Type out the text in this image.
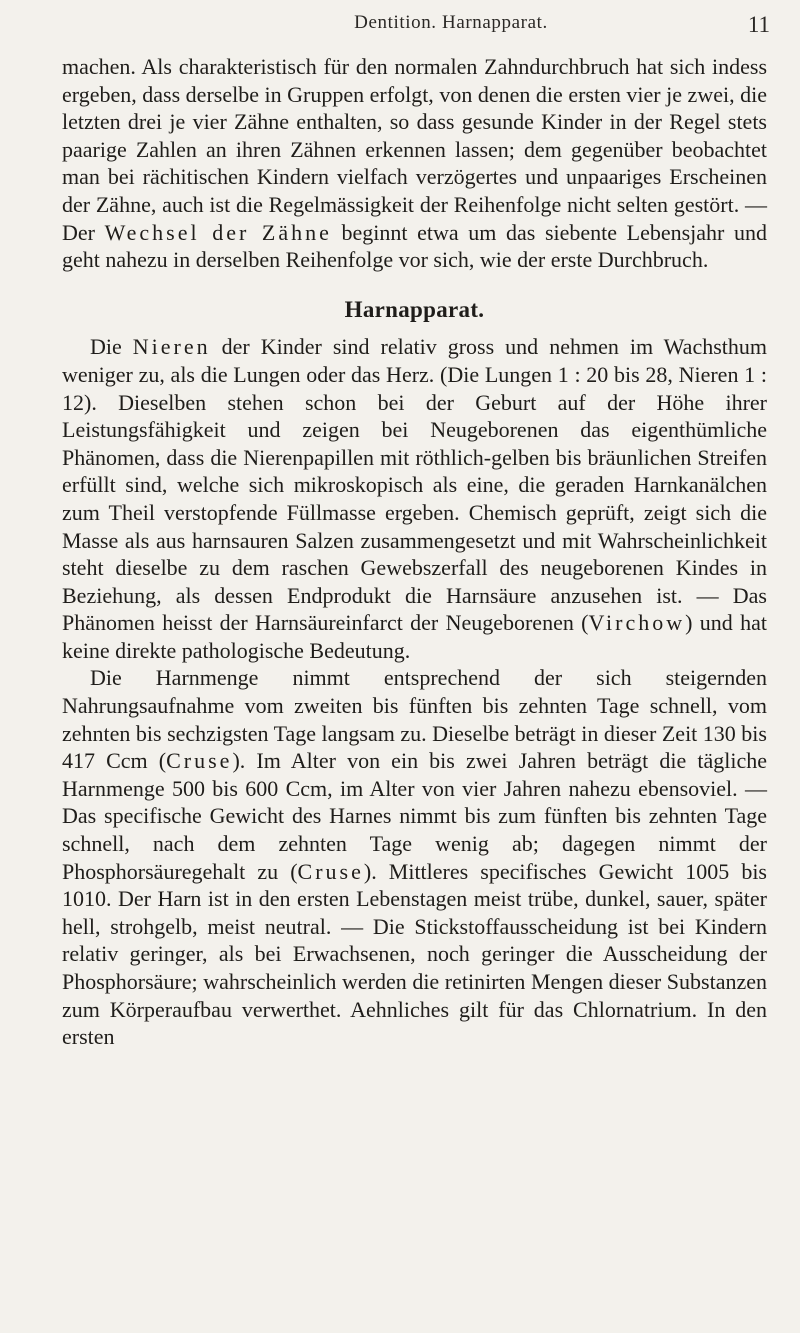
Dentition. Harnapparat.	11

machen. Als charakteristisch für den normalen Zahndurchbruch hat sich indess ergeben, dass derselbe in Gruppen erfolgt, von denen die ersten vier je zwei, die letzten drei je vier Zähne enthalten, so dass gesunde Kinder in der Regel stets paarige Zahlen an ihren Zähnen erkennen lassen; dem gegenüber beobachtet man bei rächitischen Kindern vielfach verzögertes und unpaariges Erscheinen der Zähne, auch ist die Regelmässigkeit der Reihenfolge nicht selten gestört. — Der Wechsel der Zähne beginnt etwa um das siebente Lebensjahr und geht nahezu in derselben Reihenfolge vor sich, wie der erste Durchbruch.

Harnapparat.

Die Nieren der Kinder sind relativ gross und nehmen im Wachsthum weniger zu, als die Lungen oder das Herz. (Die Lungen 1 : 20 bis 28, Nieren 1 : 12). Dieselben stehen schon bei der Geburt auf der Höhe ihrer Leistungsfähigkeit und zeigen bei Neugeborenen das eigenthümliche Phänomen, dass die Nierenpapillen mit röthlich-gelben bis bräunlichen Streifen erfüllt sind, welche sich mikroskopisch als eine, die geraden Harnkanälchen zum Theil verstopfende Füllmasse ergeben. Chemisch geprüft, zeigt sich die Masse als aus harnsauren Salzen zusammengesetzt und mit Wahrscheinlichkeit steht dieselbe zu dem raschen Gewebszerfall des neugeborenen Kindes in Beziehung, als dessen Endprodukt die Harnsäure anzusehen ist. — Das Phänomen heisst der Harnsäureinfarct der Neugeborenen (Virchow) und hat keine direkte pathologische Bedeutung.

Die Harnmenge nimmt entsprechend der sich steigernden Nahrungsaufnahme vom zweiten bis fünften bis zehnten Tage schnell, vom zehnten bis sechzigsten Tage langsam zu. Dieselbe beträgt in dieser Zeit 130 bis 417 Ccm (Cruse). Im Alter von ein bis zwei Jahren beträgt die tägliche Harnmenge 500 bis 600 Ccm, im Alter von vier Jahren nahezu ebensoviel. — Das specifische Gewicht des Harnes nimmt bis zum fünften bis zehnten Tage schnell, nach dem zehnten Tage wenig ab; dagegen nimmt der Phosphorsäuregehalt zu (Cruse). Mittleres specifisches Gewicht 1005 bis 1010. Der Harn ist in den ersten Lebenstagen meist trübe, dunkel, sauer, später hell, strohgelb, meist neutral. — Die Stickstoffausscheidung ist bei Kindern relativ geringer, als bei Erwachsenen, noch geringer die Ausscheidung der Phosphorsäure; wahrscheinlich werden die retinirten Mengen dieser Substanzen zum Körperaufbau verwerthet. Aehnliches gilt für das Chlornatrium. In den ersten
